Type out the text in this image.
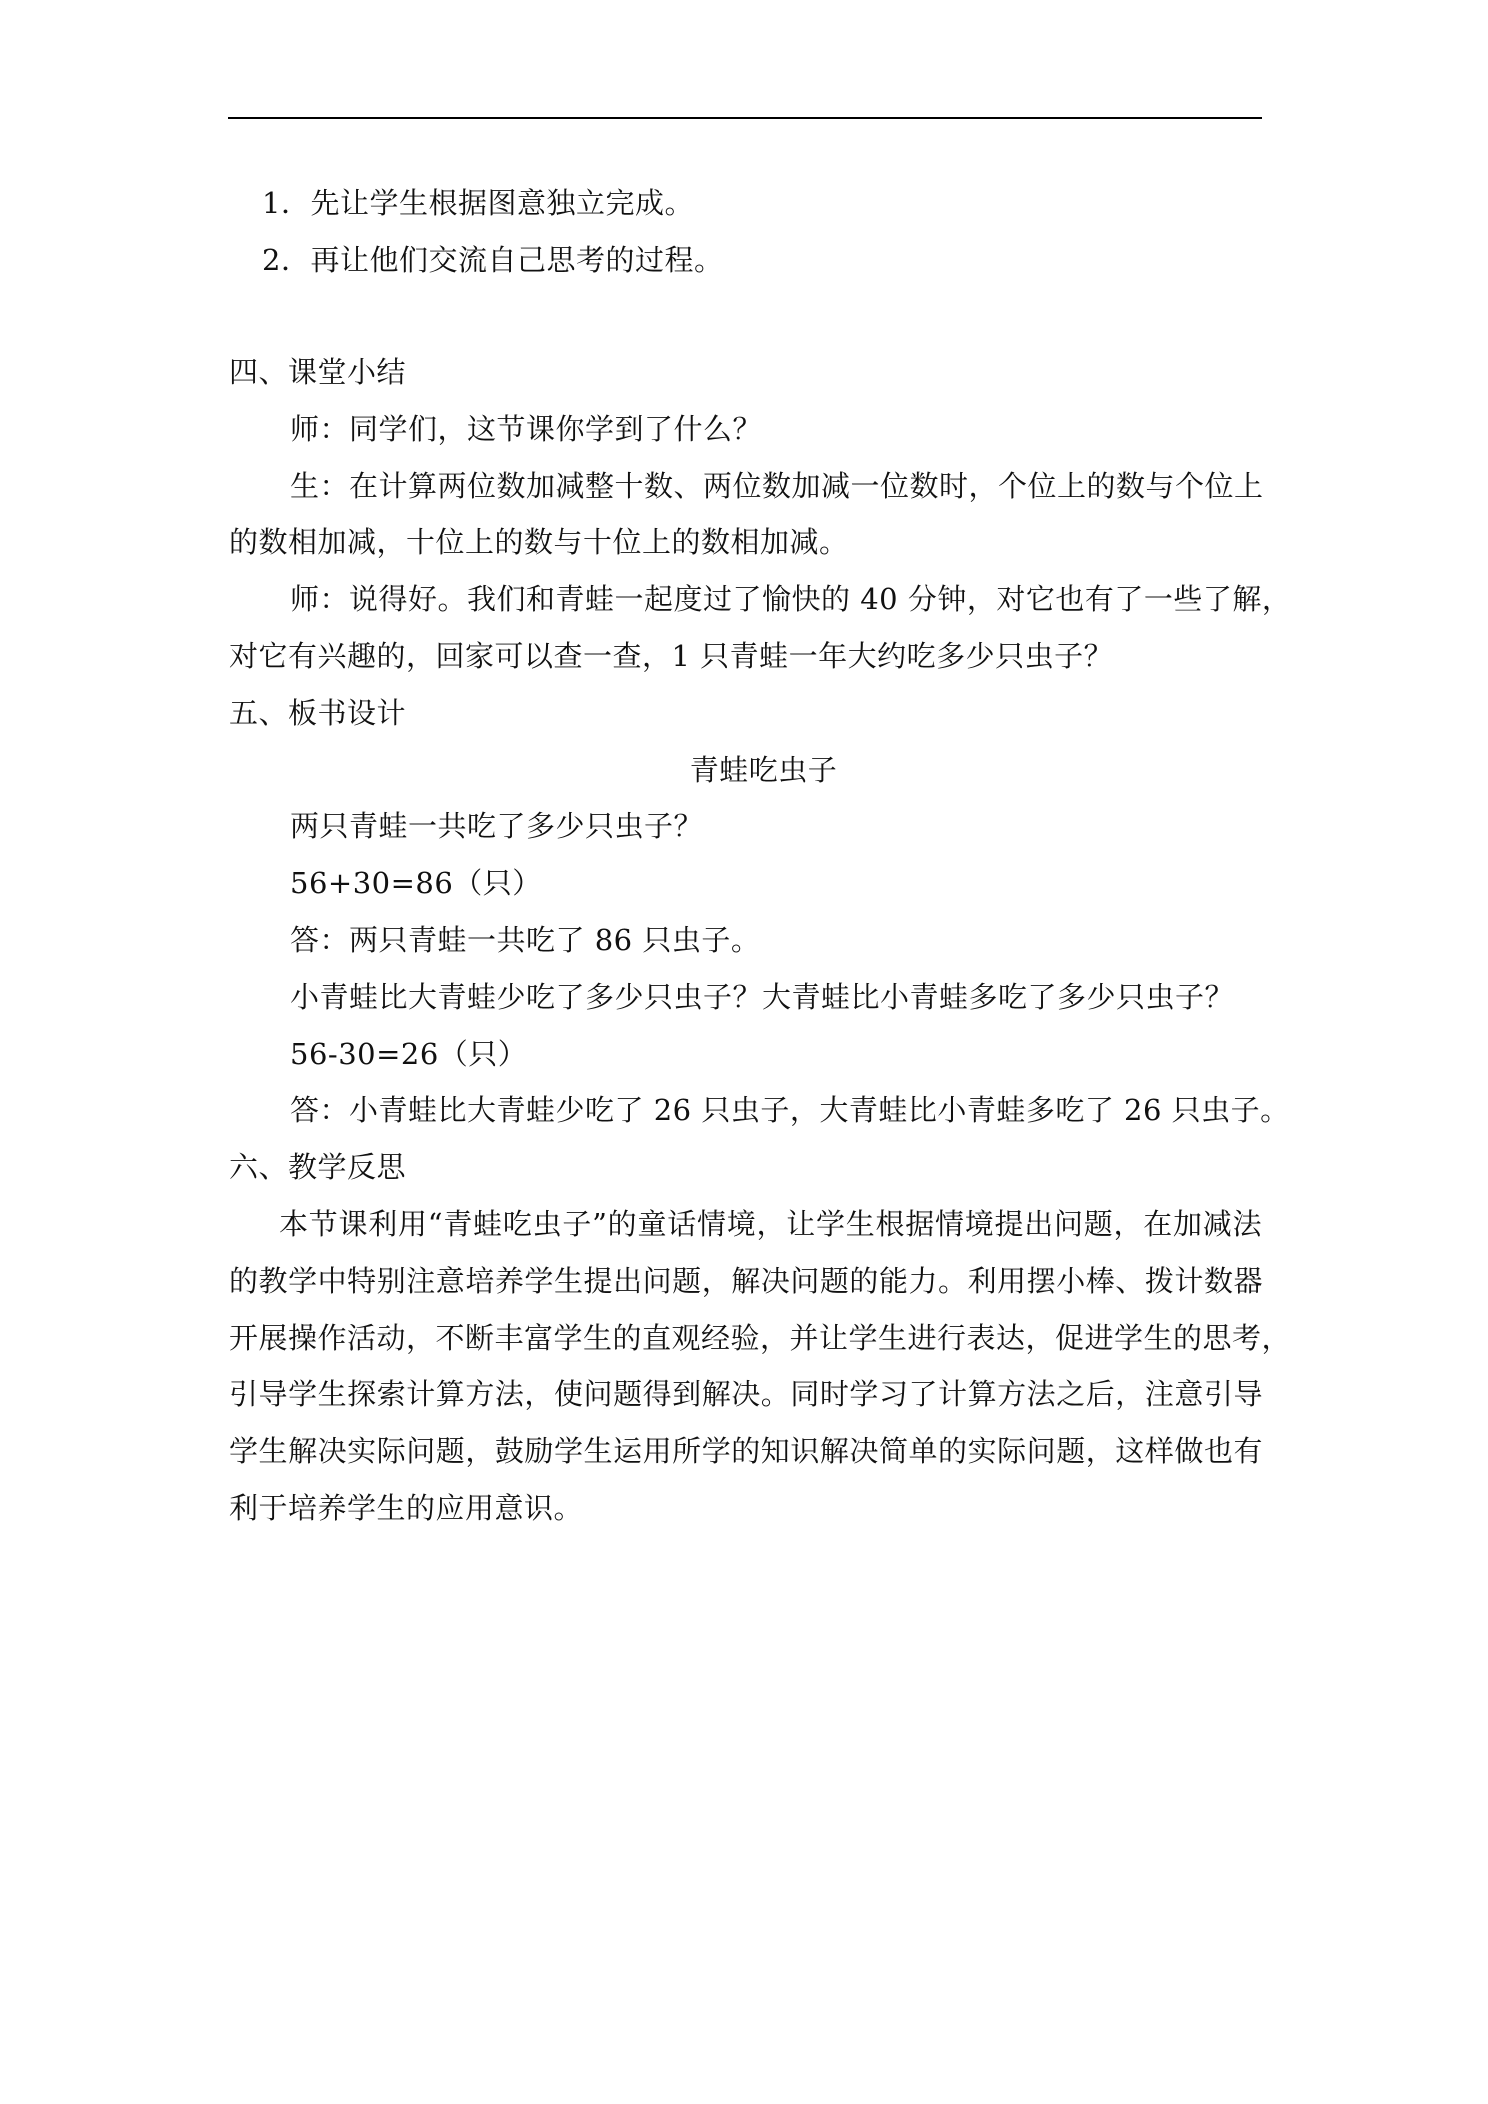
1．先让学生根据图意独立完成。
2．再让他们交流自己思考的过程。
四、课堂小结
师：同学们，这节课你学到了什么？
生：在计算两位数加减整十数、两位数加减一位数时，个位上的数与个位上
的数相加减，十位上的数与十位上的数相加减。
师：说得好。我们和青蛙一起度过了愉快的 40 分钟，对它也有了一些了解，
对它有兴趣的，回家可以查一查，1 只青蛙一年大约吃多少只虫子？
五、板书设计
青蛙吃虫子
两只青蛙一共吃了多少只虫子？
56+30=86（只）
答：两只青蛙一共吃了 86 只虫子。
小青蛙比大青蛙少吃了多少只虫子？大青蛙比小青蛙多吃了多少只虫子？
56-30=26（只）
答：小青蛙比大青蛙少吃了 26 只虫子，大青蛙比小青蛙多吃了 26 只虫子。
六、教学反思
本节课利用“青蛙吃虫子”的童话情境，让学生根据情境提出问题，在加减法
的教学中特别注意培养学生提出问题，解决问题的能力。利用摆小棒、拨计数器
开展操作活动，不断丰富学生的直观经验，并让学生进行表达，促进学生的思考，
引导学生探索计算方法，使问题得到解决。同时学习了计算方法之后，注意引导
学生解决实际问题，鼓励学生运用所学的知识解决简单的实际问题，这样做也有
利于培养学生的应用意识。
